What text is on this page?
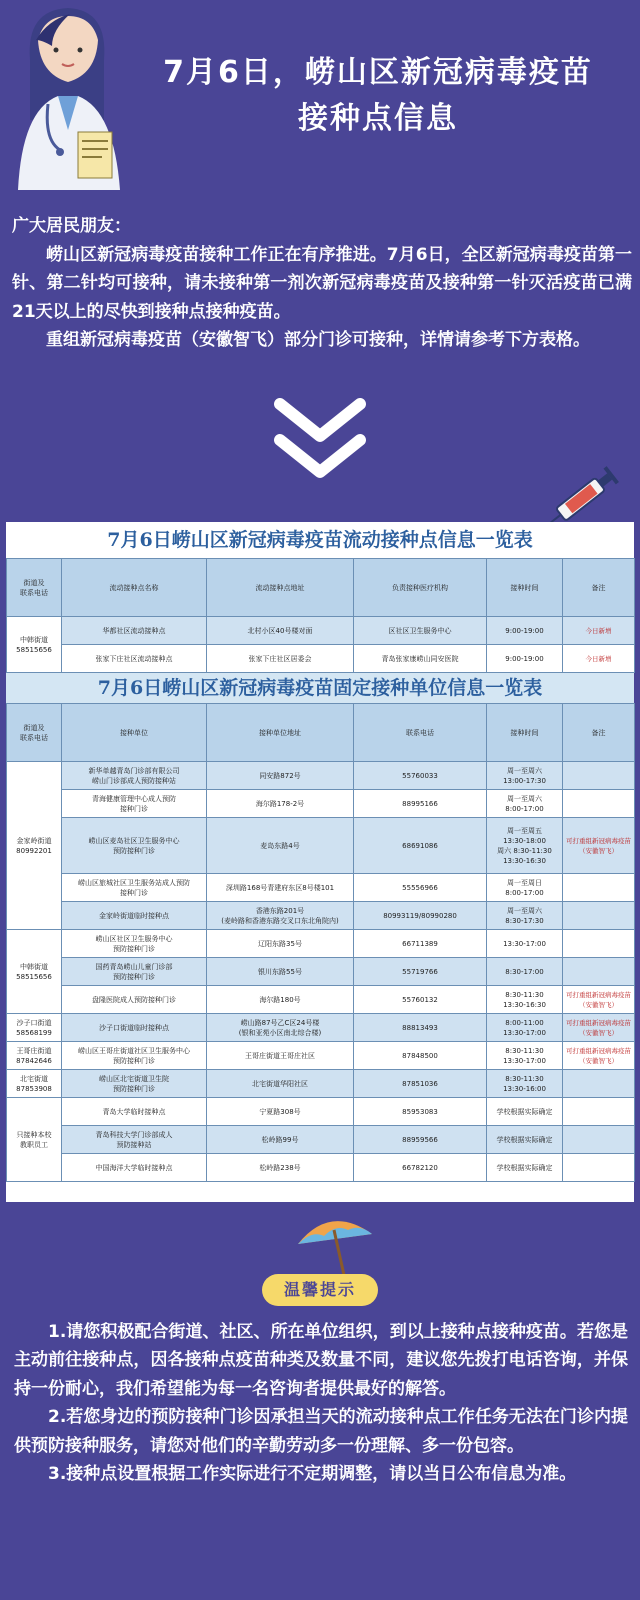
7月6日，崂山区新冠病毒疫苗
接种点信息

广大居民朋友：

崂山区新冠病毒疫苗接种工作正在有序推进。7月6日，全区新冠病毒疫苗第一针、第二针均可接种，请未接种第一剂次新冠病毒疫苗及接种第一针灭活疫苗已满21天以上的尽快到接种点接种疫苗。

重组新冠病毒疫苗（安徽智飞）部分门诊可接种，详情请参考下方表格。

7月6日崂山区新冠病毒疫苗流动接种点信息一览表
街道及
联系电话	流动接种点名称	流动接种点地址	负责接种医疗机构	接种时间	备注
中韩街道
58515656	华都社区流动接种点	北村小区40号楼对面	区社区卫生服务中心	9:00-19:00	今日新增
	张家下庄社区流动接种点	张家下庄社区居委会	青岛张家康崂山同安医院	9:00-19:00	今日新增
7月6日崂山区新冠病毒疫苗固定接种单位信息一览表
街道及
联系电话	接种单位	接种单位地址	联系电话	接种时间	备注
金家岭街道
80992201	新华单越青岛门诊部有限公司
崂山门诊部成人预防接种站	同安路872号	55760033	周一至周六
13:00-17:30	
	青海健康管理中心成人预防
接种门诊	海尔路178-2号	88995166	周一至周六
8:00-17:00	
	崂山区麦岛社区卫生服务中心
预防接种门诊	麦岛东路4号	68691086	周一至周五
13:30-18:00
周六 8:30-11:30
13:30-16:30	可打重组新冠病毒疫苗（安徽智飞）
	崂山区旅城社区卫生服务站成人预防
接种门诊	深圳路168号青建府东区8号楼101	55556966	周一至周日
8:00-17:00	
	金家岭街道临时接种点	香港东路201号
(麦岭路和香港东路交叉口东北角院内)	80993119/80990280	周一至周六
8:30-17:30	
中韩街道
58515656	崂山区社区卫生服务中心
预防接种门诊	辽阳东路35号	66711389	13:30-17:00	
	国药青岛崂山儿童门诊部
预防接种门诊	银川东路55号	55719766	8:30-17:00	
	盘隆医院成人预防接种门诊	海尔路180号	55760132	8:30-11:30
13:30-16:30	可打重组新冠病毒疫苗（安徽智飞）
沙子口街道
58568199	沙子口街道临时接种点	崂山路87号乙C区24号楼
(银和亚苑小区南北综合楼)	88813493	8:00-11:00
13:30-17:00	可打重组新冠病毒疫苗（安徽智飞）
王哥庄街道
87842646	崂山区王哥庄街道社区卫生服务中心
预防接种门诊	王哥庄街道王哥庄社区	87848500	8:30-11:30
13:30-17:00	可打重组新冠病毒疫苗（安徽智飞）
北宅街道
87853908	崂山区北宅街道卫生院
预防接种门诊	北宅街道华阳社区	87851036	8:30-11:30
13:30-16:00	
只接种本校
教职员工	青岛大学临时接种点	宁夏路308号	85953083	学校根据实际确定	
	青岛科技大学门诊部成人
预防接种站	松岭路99号	88959566	学校根据实际确定	
	中国海洋大学临时接种点	松岭路238号	66782120	学校根据实际确定	
温馨提示

1.请您积极配合街道、社区、所在单位组织，到以上接种点接种疫苗。若您是主动前往接种点，因各接种点疫苗种类及数量不同，建议您先拨打电话咨询，并保持一份耐心，我们希望能为每一名咨询者提供最好的解答。

2.若您身边的预防接种门诊因承担当天的流动接种点工作任务无法在门诊内提供预防接种服务，请您对他们的辛勤劳动多一份理解、多一份包容。

3.接种点设置根据工作实际进行不定期调整，请以当日公布信息为准。
